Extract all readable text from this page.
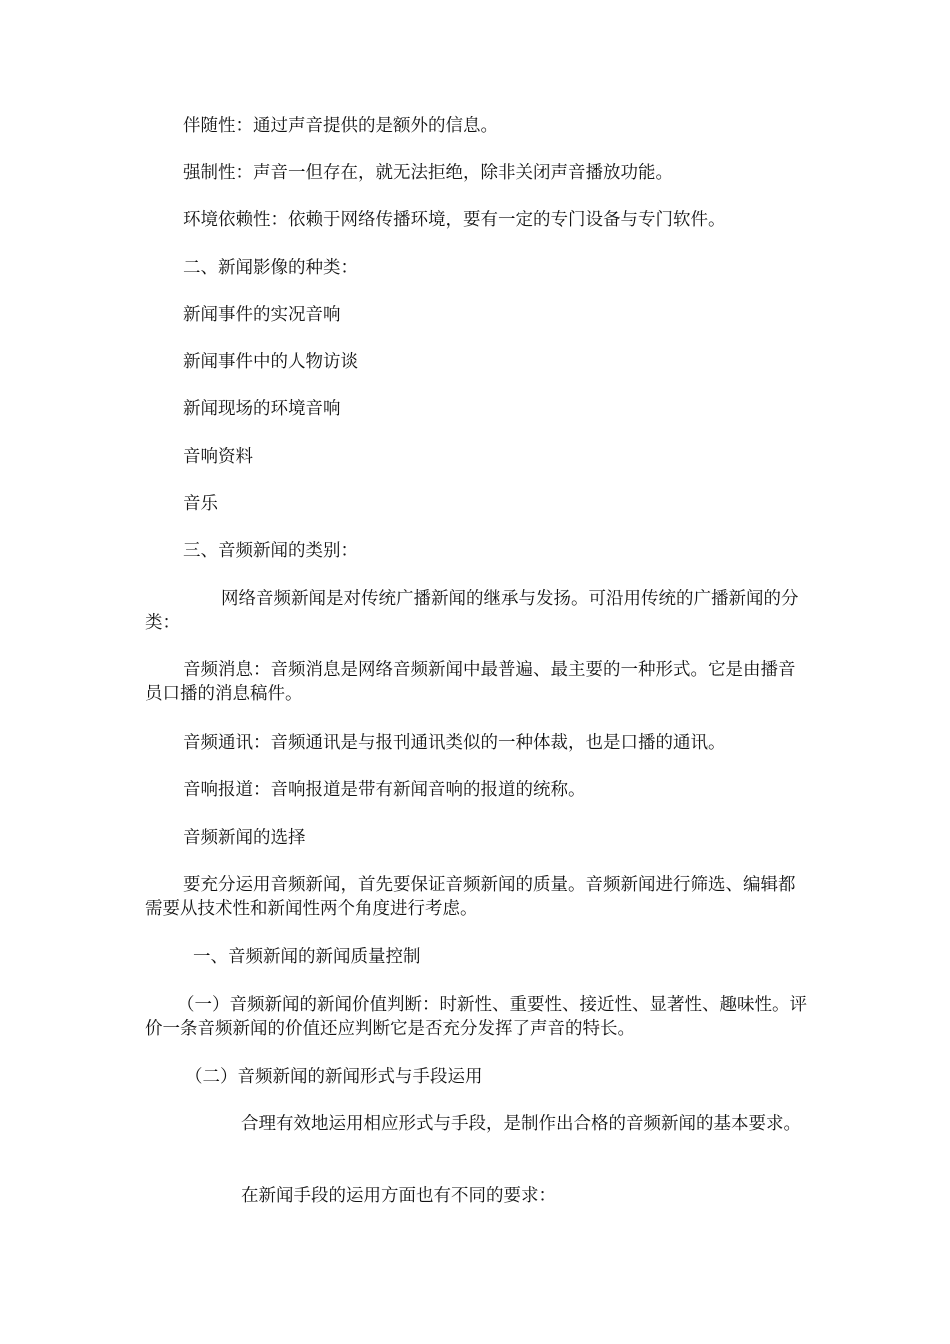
伴随性：通过声音提供的是额外的信息。

强制性：声音一但存在，就无法拒绝，除非关闭声音播放功能。

环境依赖性：依赖于网络传播环境，要有一定的专门设备与专门软件。

二、新闻影像的种类：

新闻事件的实况音响

新闻事件中的人物访谈

新闻现场的环境音响

音响资料

音乐

三、音频新闻的类别：

网络音频新闻是对传统广播新闻的继承与发扬。可沿用传统的广播新闻的分类：

音频消息：音频消息是网络音频新闻中最普遍、最主要的一种形式。它是由播音员口播的消息稿件。

音频通讯：音频通讯是与报刊通讯类似的一种体裁，也是口播的通讯。

音响报道：音响报道是带有新闻音响的报道的统称。

音频新闻的选择

要充分运用音频新闻，首先要保证音频新闻的质量。音频新闻进行筛选、编辑都需要从技术性和新闻性两个角度进行考虑。

一、音频新闻的新闻质量控制

（一）音频新闻的新闻价值判断：时新性、重要性、接近性、显著性、趣味性。评价一条音频新闻的价值还应判断它是否充分发挥了声音的特长。

（二）音频新闻的新闻形式与手段运用

合理有效地运用相应形式与手段，是制作出合格的音频新闻的基本要求。

在新闻手段的运用方面也有不同的要求：
